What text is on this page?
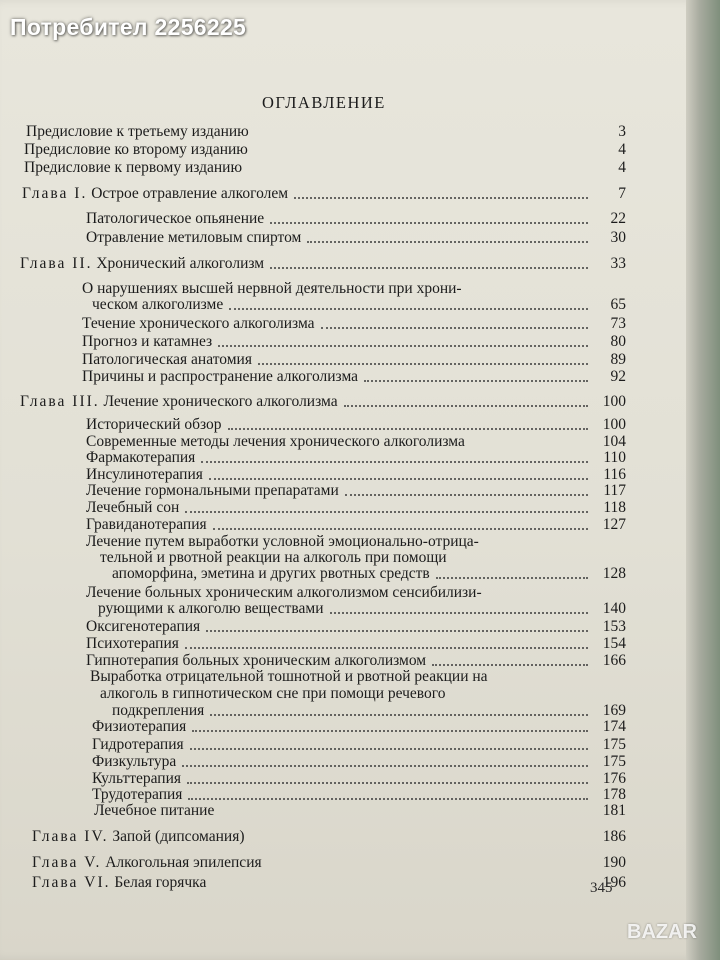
Потребител 2256225
ОГЛАВЛЕНИЕ
Предисловие к третьему изданию	3
Предисловие ко второму изданию	4
Предисловие к первому изданию	4
Глава I. Острое отравление алкоголем	7
Патологическое опьянение	22
Отравление метиловым спиртом	30
Глава II. Хронический алкоголизм	33
О нарушениях высшей нервной деятельности при хрони-
ческом алкоголизме	65
Течение хронического алкоголизма	73
Прогноз и катамнез	80
Патологическая анатомия	89
Причины и распространение алкоголизма	92
Глава III. Лечение хронического алкоголизма	100
Исторический обзор	100
Современные методы лечения хронического алкоголизма	104
Фармакотерапия	110
Инсулинотерапия	116
Лечение гормональными препаратами	117
Лечебный сон	118
Гравиданотерапия	127
Лечение путем выработки условной эмоционально-отрица-
тельной и рвотной реакции на алкоголь при помощи
апоморфина, эметина и других рвотных средств	128
Лечение больных хроническим алкоголизмом сенсибилизи-
рующими к алкоголю веществами	140
Оксигенотерапия	153
Психотерапия	154
Гипнотерапия больных хроническим алкоголизмом	166
Выработка отрицательной тошнотной и рвотной реакции на
алкоголь в гипнотическом сне при помощи речевого
подкрепления	169
Физиотерапия	174
Гидротерапия	175
Физкультура	175
Культтерапия	176
Трудотерапия	178
Лечебное питание	181
Глава IV. Запой (дипсомания)	186
Глава V. Алкогольная эпилепсия	190
Глава VI. Белая горячка	196
345
BAZAR
